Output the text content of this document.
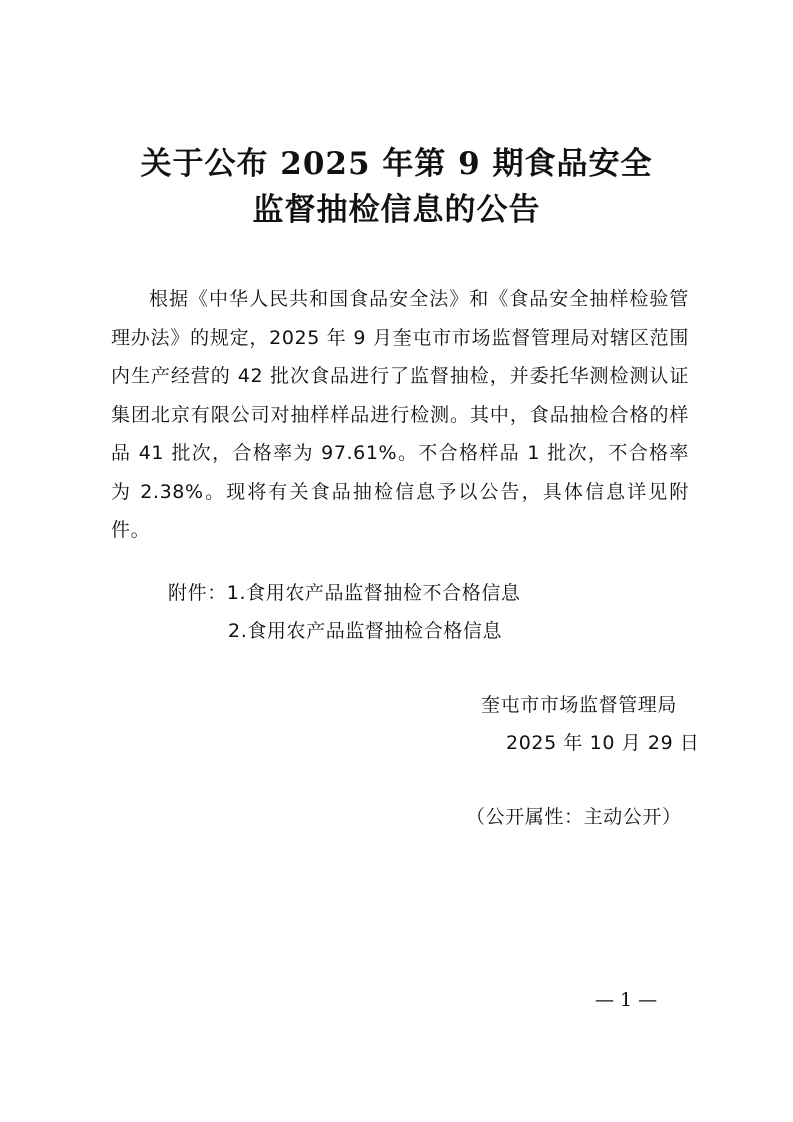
关于公布 2025 年第 9 期食品安全
监督抽检信息的公告
根据《中华人民共和国食品安全法》和《食品安全抽样检验管理办法》的规定，2025 年 9 月奎屯市市场监督管理局对辖区范围内生产经营的 42 批次食品进行了监督抽检，并委托华测检测认证集团北京有限公司对抽样样品进行检测。其中，食品抽检合格的样品 41 批次，合格率为 97.61%。不合格样品 1 批次，不合格率为 2.38%。现将有关食品抽检信息予以公告，具体信息详见附件。
附件：1.食用农产品监督抽检不合格信息
2.食用农产品监督抽检合格信息
奎屯市市场监督管理局
2025 年 10 月 29 日
（公开属性：主动公开）
— 1 —
